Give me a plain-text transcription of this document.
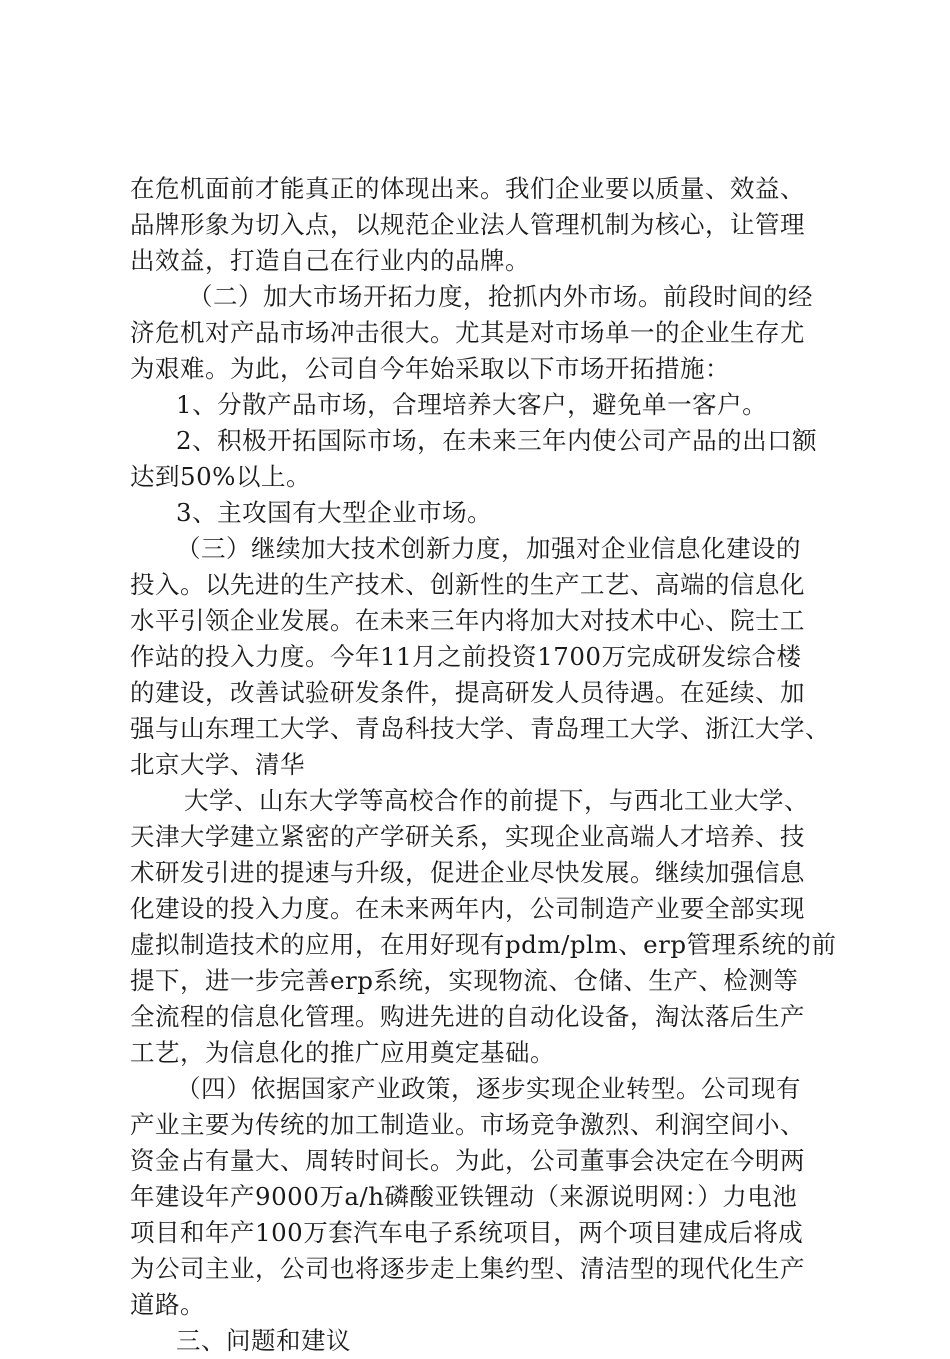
在危机面前才能真正的体现出来。我们企业要以质量、效益、
品牌形象为切入点，以规范企业法人管理机制为核心，让管理
出效益，打造自己在行业内的品牌。
（二）加大市场开拓力度，抢抓内外市场。前段时间的经
济危机对产品市场冲击很大。尤其是对市场单一的企业生存尤
为艰难。为此，公司自今年始采取以下市场开拓措施：
1、分散产品市场，合理培养大客户，避免单一客户。
2、积极开拓国际市场，在未来三年内使公司产品的出口额
达到50%以上。
3、主攻国有大型企业市场。
（三）继续加大技术创新力度，加强对企业信息化建设的
投入。以先进的生产技术、创新性的生产工艺、高端的信息化
水平引领企业发展。在未来三年内将加大对技术中心、院士工
作站的投入力度。今年11月之前投资1700万完成研发综合楼
的建设，改善试验研发条件，提高研发人员待遇。在延续、加
强与山东理工大学、青岛科技大学、青岛理工大学、浙江大学、
北京大学、清华
大学、山东大学等高校合作的前提下，与西北工业大学、
天津大学建立紧密的产学研关系，实现企业高端人才培养、技
术研发引进的提速与升级，促进企业尽快发展。继续加强信息
化建设的投入力度。在未来两年内，公司制造产业要全部实现
虚拟制造技术的应用，在用好现有pdm/plm、erp管理系统的前
提下，进一步完善erp系统，实现物流、仓储、生产、检测等
全流程的信息化管理。购进先进的自动化设备，淘汰落后生产
工艺，为信息化的推广应用奠定基础。
（四）依据国家产业政策，逐步实现企业转型。公司现有
产业主要为传统的加工制造业。市场竞争激烈、利润空间小、
资金占有量大、周转时间长。为此，公司董事会决定在今明两
年建设年产9000万a/h磷酸亚铁锂动（来源说明网：）力电池
项目和年产100万套汽车电子系统项目，两个项目建成后将成
为公司主业，公司也将逐步走上集约型、清洁型的现代化生产
道路。
三、问题和建议
